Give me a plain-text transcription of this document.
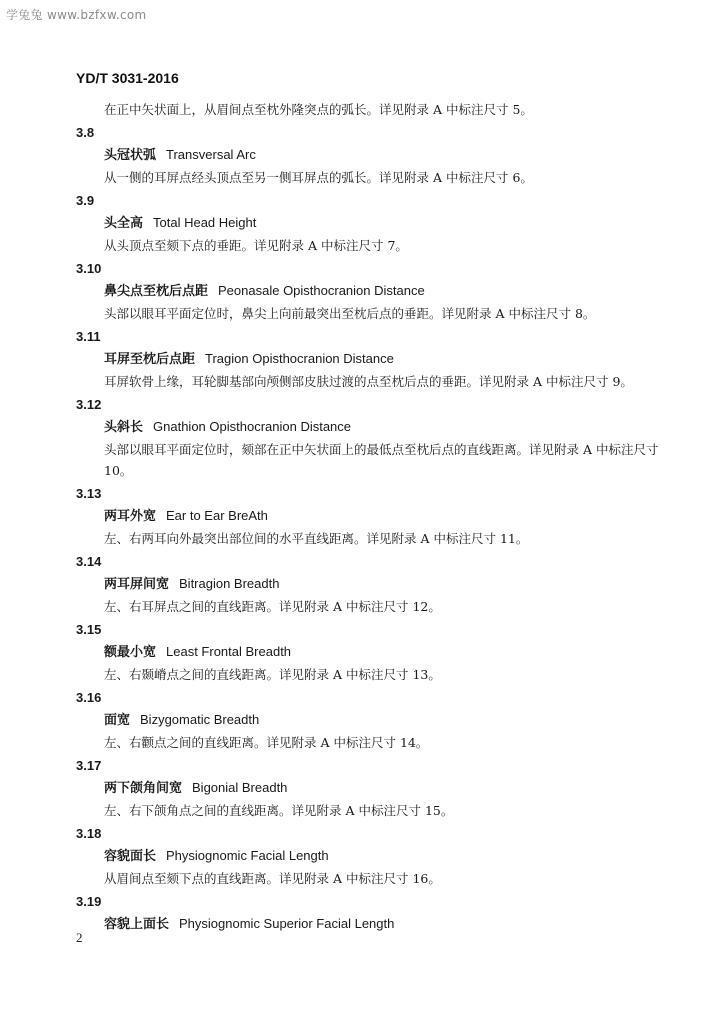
学兔兔 www.bzfxw.com
YD/T 3031-2016

在正中矢状面上，从眉间点至枕外隆突点的弧长。详见附录 A 中标注尺寸 5。

3.8
头冠状弧 Transversal Arc
从一侧的耳屏点经头顶点至另一侧耳屏点的弧长。详见附录 A 中标注尺寸 6。
3.9
头全高 Total Head Height
从头顶点至颏下点的垂距。详见附录 A 中标注尺寸 7。
3.10
鼻尖点至枕后点距 Peonasale Opisthocranion Distance
头部以眼耳平面定位时，鼻尖上向前最突出至枕后点的垂距。详见附录 A 中标注尺寸 8。
3.11
耳屏至枕后点距 Tragion Opisthocranion Distance
耳屏软骨上缘，耳轮脚基部向颅侧部皮肤过渡的点至枕后点的垂距。详见附录 A 中标注尺寸 9。
3.12
头斜长 Gnathion Opisthocranion Distance
头部以眼耳平面定位时，颏部在正中矢状面上的最低点至枕后点的直线距离。详见附录 A 中标注尺寸 10。
3.13
两耳外宽 Ear to Ear BreAth
左、右两耳向外最突出部位间的水平直线距离。详见附录 A 中标注尺寸 11。
3.14
两耳屏间宽 Bitragion Breadth
左、右耳屏点之间的直线距离。详见附录 A 中标注尺寸 12。
3.15
额最小宽 Least Frontal Breadth
左、右颞嵴点之间的直线距离。详见附录 A 中标注尺寸 13。
3.16
面宽 Bizygomatic Breadth
左、右颧点之间的直线距离。详见附录 A 中标注尺寸 14。
3.17
两下颌角间宽 Bigonial Breadth
左、右下颌角点之间的直线距离。详见附录 A 中标注尺寸 15。
3.18
容貌面长 Physiognomic Facial Length
从眉间点至颏下点的直线距离。详见附录 A 中标注尺寸 16。
3.19
容貌上面长 Physiognomic Superior Facial Length
2
